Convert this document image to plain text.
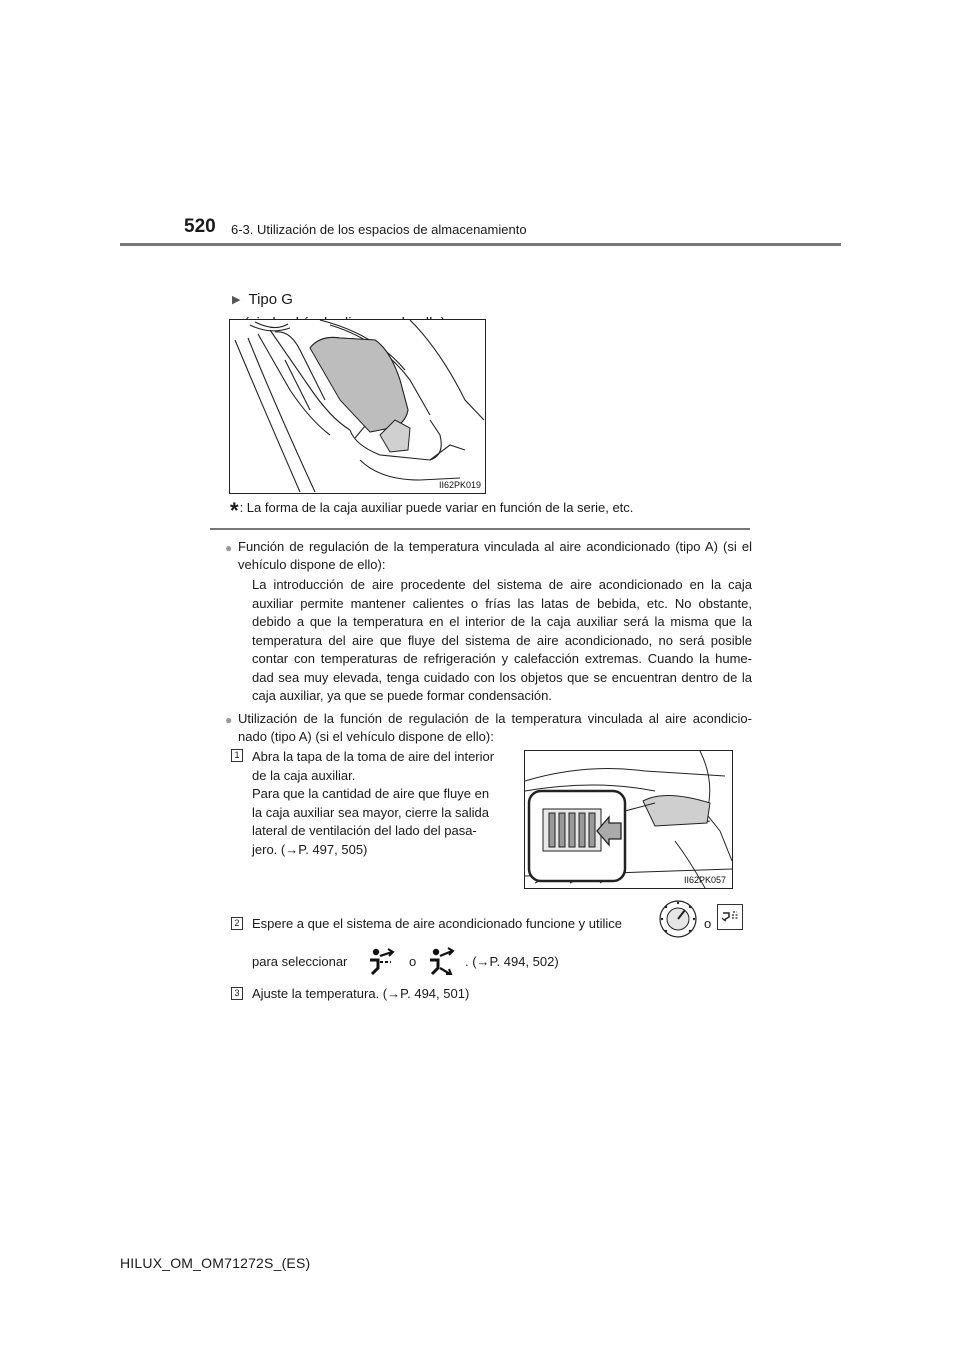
520 6-3. Utilización de los espacios de almacenamiento
▶ Tipo G
II62PK019
*: La forma de la caja auxiliar puede variar en función de la serie, etc.
● Función de regulación de la temperatura vinculada al aire acondicionado (tipo A) (si el vehículo dispone de ello):
La introducción de aire procedente del sistema de aire acondicionado en la caja auxiliar permite mantener calientes o frías las latas de bebida, etc. No obstante, debido a que la temperatura en el interior de la caja auxiliar será la misma que la temperatura del aire que fluye del sistema de aire acondicionado, no será posible contar con temperaturas de refrigeración y calefacción extremas. Cuando la hume- dad sea muy elevada, tenga cuidado con los objetos que se encuentran dentro de la caja auxiliar, ya que se puede formar condensación.
● Utilización de la función de regulación de la temperatura vinculada al aire acondicio- nado (tipo A) (si el vehículo dispone de ello):
1 Abra la tapa de la toma de aire del interior
de la caja auxiliar.
Para que la cantidad de aire que fluye en
la caja auxiliar sea mayor, cierre la salida
lateral de ventilación del lado del pasa-
jero. (→P. 497, 505)
II62PK057
2 Espere a que el sistema de aire acondicionado funcione y utilice	o
para seleccionar	o	. (→P. 494, 502)
3 Ajuste la temperatura. (→P. 494, 501)
HILUX_OM_OM71272S_(ES)
